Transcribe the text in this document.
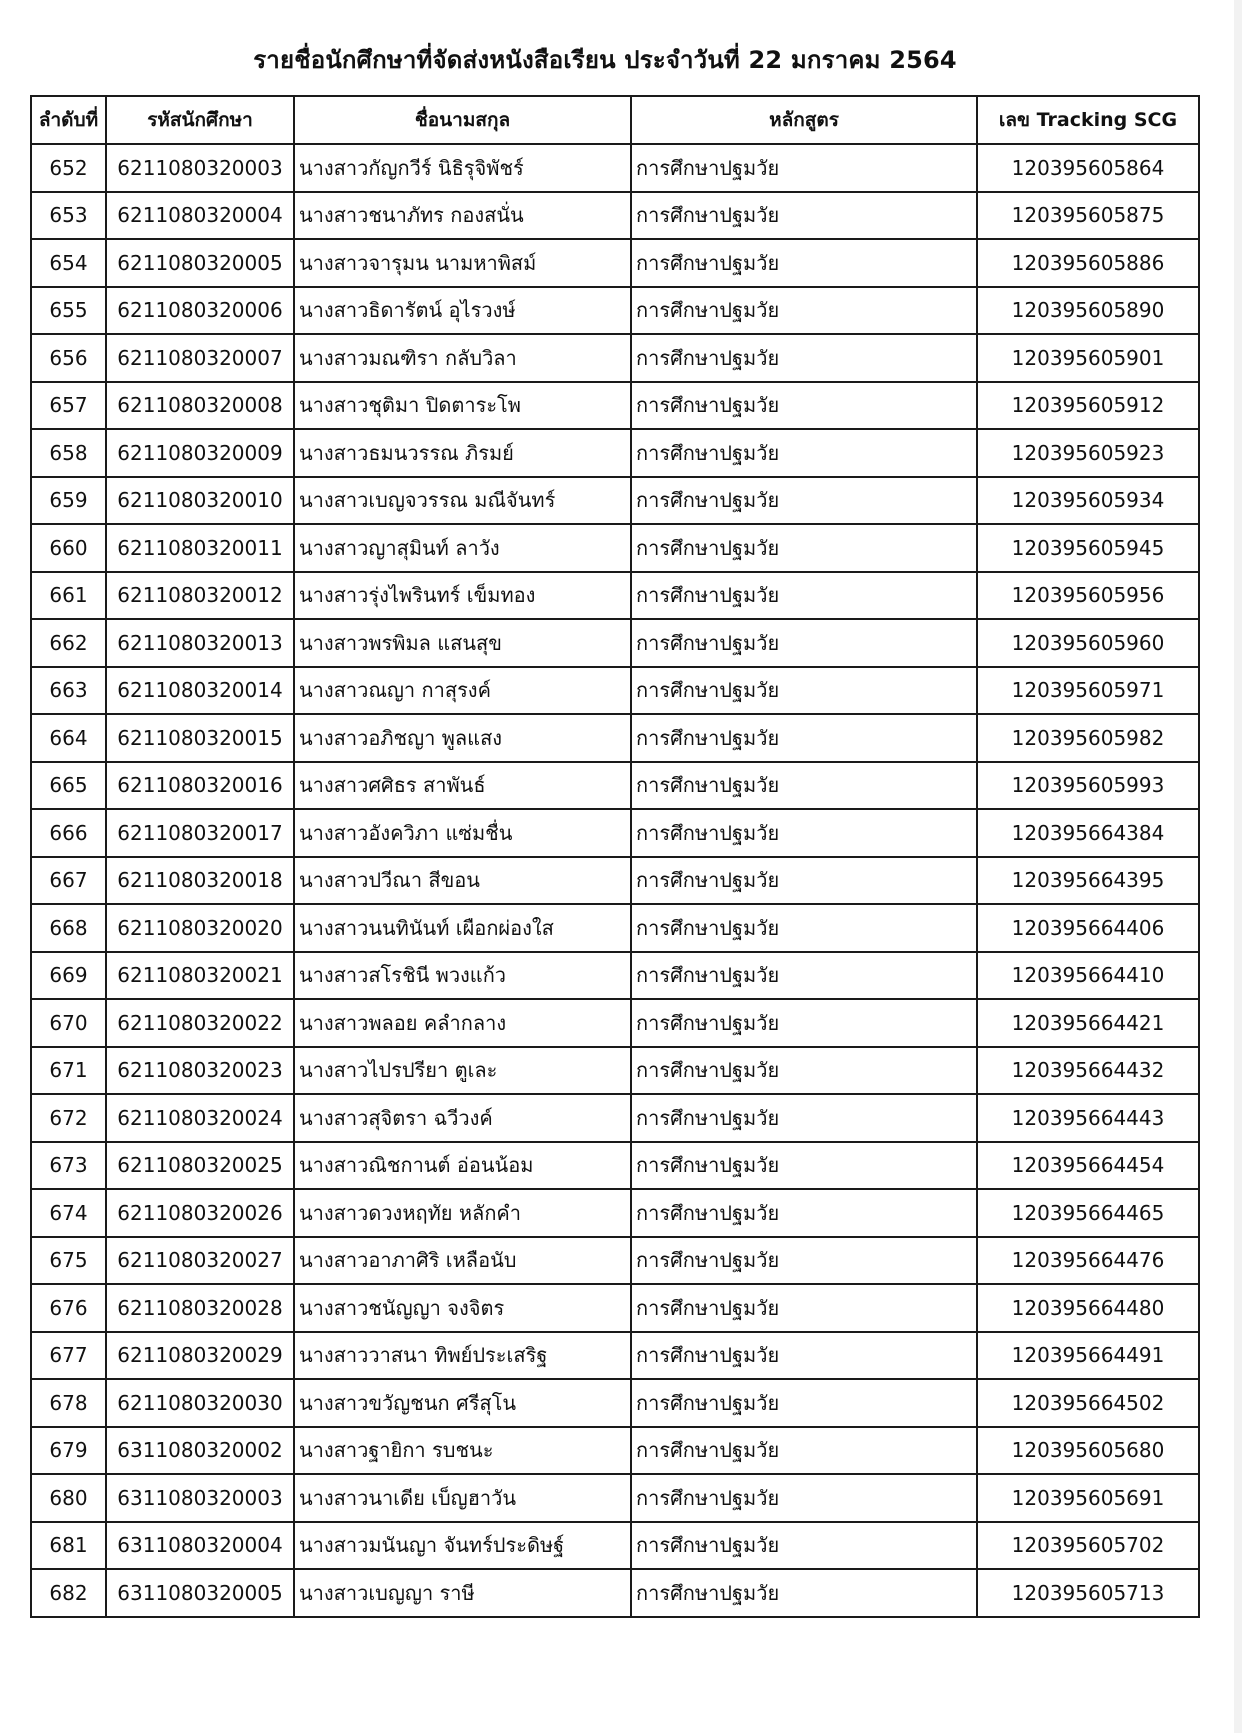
รายชื่อนักศึกษาที่จัดส่งหนังสือเรียน ประจำวันที่ 22 มกราคม 2564
ลำดับที่	รหัสนักศึกษา	ชื่อนามสกุล	หลักสูตร	เลข Tracking SCG
652	6211080320003	นางสาวกัญกวีร์ นิธิรุจิพัชร์	การศึกษาปฐมวัย	120395605864
653	6211080320004	นางสาวชนาภัทร กองสนั่น	การศึกษาปฐมวัย	120395605875
654	6211080320005	นางสาวจารุมน นามหาพิสม์	การศึกษาปฐมวัย	120395605886
655	6211080320006	นางสาวธิดารัตน์ อุไรวงษ์	การศึกษาปฐมวัย	120395605890
656	6211080320007	นางสาวมณฑิรา กลับวิลา	การศึกษาปฐมวัย	120395605901
657	6211080320008	นางสาวชุติมา ปิดตาระโพ	การศึกษาปฐมวัย	120395605912
658	6211080320009	นางสาวธมนวรรณ ภิรมย์	การศึกษาปฐมวัย	120395605923
659	6211080320010	นางสาวเบญจวรรณ มณีจันทร์	การศึกษาปฐมวัย	120395605934
660	6211080320011	นางสาวญาสุมินท์ ลาวัง	การศึกษาปฐมวัย	120395605945
661	6211080320012	นางสาวรุ่งไพรินทร์ เข็มทอง	การศึกษาปฐมวัย	120395605956
662	6211080320013	นางสาวพรพิมล แสนสุข	การศึกษาปฐมวัย	120395605960
663	6211080320014	นางสาวณญา กาสุรงค์	การศึกษาปฐมวัย	120395605971
664	6211080320015	นางสาวอภิชญา พูลแสง	การศึกษาปฐมวัย	120395605982
665	6211080320016	นางสาวศศิธร สาพันธ์	การศึกษาปฐมวัย	120395605993
666	6211080320017	นางสาวอังควิภา แซ่มชื่น	การศึกษาปฐมวัย	120395664384
667	6211080320018	นางสาวปวีณา สีขอน	การศึกษาปฐมวัย	120395664395
668	6211080320020	นางสาวนนทินันท์ เผือกผ่องใส	การศึกษาปฐมวัย	120395664406
669	6211080320021	นางสาวสโรชินี พวงแก้ว	การศึกษาปฐมวัย	120395664410
670	6211080320022	นางสาวพลอย คลำกลาง	การศึกษาปฐมวัย	120395664421
671	6211080320023	นางสาวไปรปรียา ตูเละ	การศึกษาปฐมวัย	120395664432
672	6211080320024	นางสาวสุจิตรา ฉวีวงค์	การศึกษาปฐมวัย	120395664443
673	6211080320025	นางสาวณิชกานต์ อ่อนน้อม	การศึกษาปฐมวัย	120395664454
674	6211080320026	นางสาวดวงหฤทัย หลักคำ	การศึกษาปฐมวัย	120395664465
675	6211080320027	นางสาวอาภาศิริ เหลือนับ	การศึกษาปฐมวัย	120395664476
676	6211080320028	นางสาวชนัญญา จงจิตร	การศึกษาปฐมวัย	120395664480
677	6211080320029	นางสาววาสนา ทิพย์ประเสริฐ	การศึกษาปฐมวัย	120395664491
678	6211080320030	นางสาวขวัญชนก ศรีสุโน	การศึกษาปฐมวัย	120395664502
679	6311080320002	นางสาวฐายิกา รบชนะ	การศึกษาปฐมวัย	120395605680
680	6311080320003	นางสาวนาเดีย เบ็ญฮาวัน	การศึกษาปฐมวัย	120395605691
681	6311080320004	นางสาวมนันญา จันทร์ประดิษฐ์	การศึกษาปฐมวัย	120395605702
682	6311080320005	นางสาวเบญญา ราษี	การศึกษาปฐมวัย	120395605713
